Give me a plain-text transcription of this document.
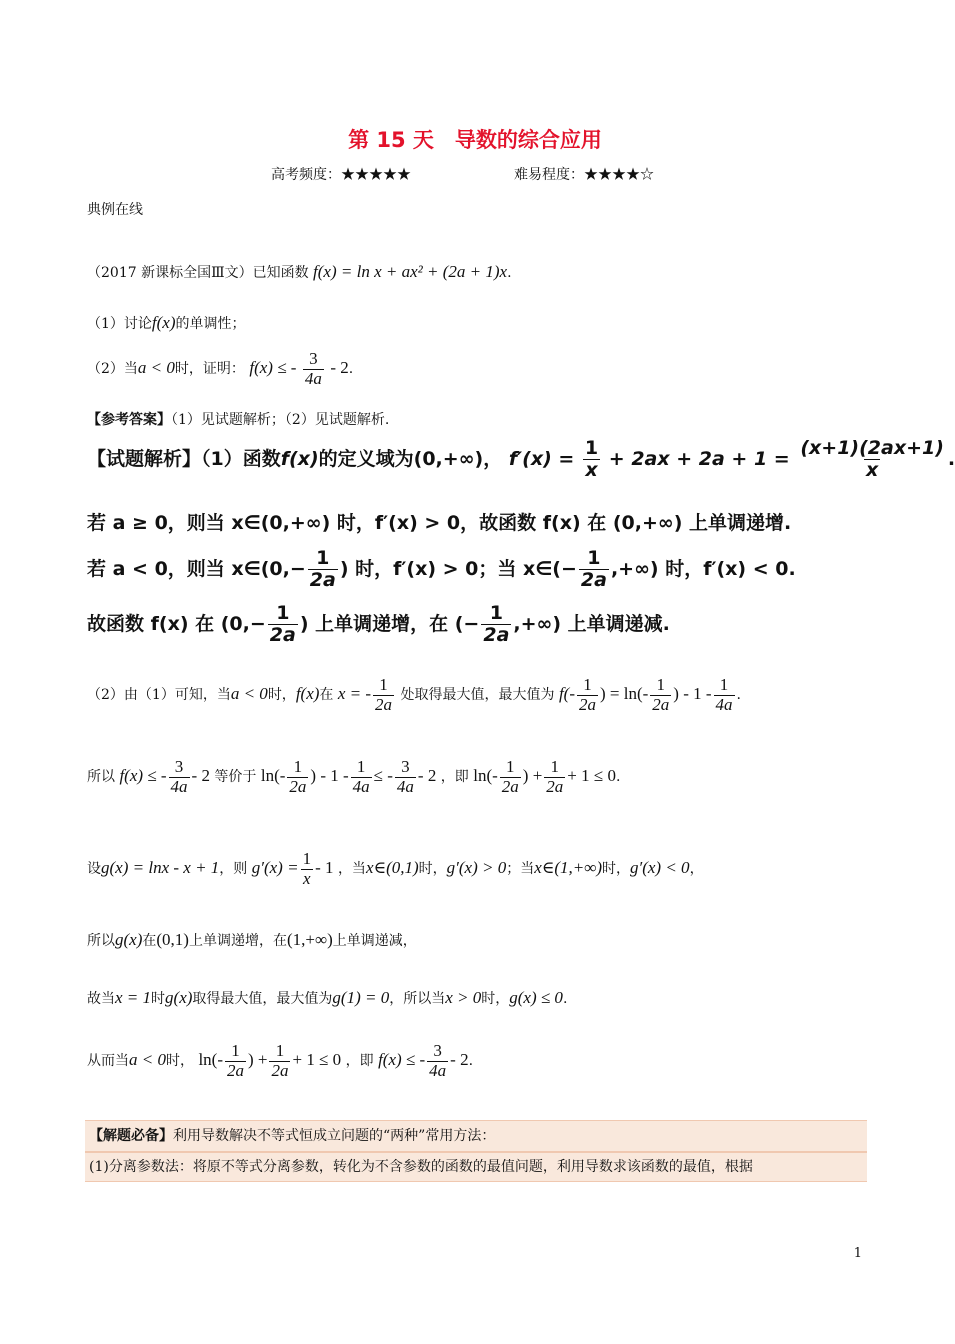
第 15 天　导数的综合应用
高考频度：★★★★★	难易程度：★★★★☆
典例在线
（2017 新课标全国Ⅲ文）已知函数 f(x) = ln x + ax² + (2a + 1)x.
（1）讨论f(x)的单调性；
（2）当a < 0时，证明： f(x) ≤ - $\frac{3}{4a} - 2$.
【参考答案】（1）见试题解析；（2）见试题解析.
【试题解析】（1）函数f(x)的定义域为(0,+∞)， $f'(x) = \frac{1}{x} + 2ax + 2a + 1 = \frac{(x+1)(2ax+1)}{x}$ .
若 a ≥ 0，则当 x∈(0,+∞) 时，f′(x) > 0，故函数 f(x) 在 (0,+∞) 上单调递增.
若 a < 0，则当 x∈(0,− $\frac{1}{2a}$ ) 时，f′(x) > 0；当 x∈(− $\frac{1}{2a}$ ,+∞) 时，f′(x) < 0.
故函数 f(x) 在 ($0,- \frac{1}{2a}$ ) 上单调递增，在 (− $\frac{1}{2a}$ ,+∞) 上单调递减.
（2）由（1）可知，当a < 0时，f(x)在 x = - $\frac{1}{2a}$ 处取得最大值，最大值为 $f(- \frac{1}{2a}$ ) = $\ln(- \frac{1}{2a}$ ) - $1 - \frac{1}{4a}$ .
所以 f(x) ≤ - $\frac{3}{4a} - 2$ 等价于 $\ln(- \frac{1}{2a}$ ) - $1 - \frac{1}{4a}$ ≤ - $\frac{3}{4a} - 2$ ，即 $\ln(- \frac{1}{2a}$ ) + $\frac{1}{2a} + 1 \le 0$.
设g(x) = lnx - x + 1，则 $g'(x) = \frac{1}{x} - 1$ ，当x∈(0,1)时，g′(x) > 0；当x∈(1,+∞)时，g′(x) < 0，
所以g(x)在(0,1)上单调递增，在(1,+∞)上单调递减，
故当x = 1时g(x)取得最大值，最大值为g(1) = 0，所以当x > 0时，g(x) ≤ 0.
从而当a < 0时， $\ln(- \frac{1}{2a}$ ) + $\frac{1}{2a} + 1 \le 0$ ，即 f(x) ≤ - $\frac{3}{4a} - 2$.
【解题必备】利用导数解决不等式恒成立问题的“两种”常用方法：
(1)分离参数法：将原不等式分离参数，转化为不含参数的函数的最值问题，利用导数求该函数的最值，根据
1
